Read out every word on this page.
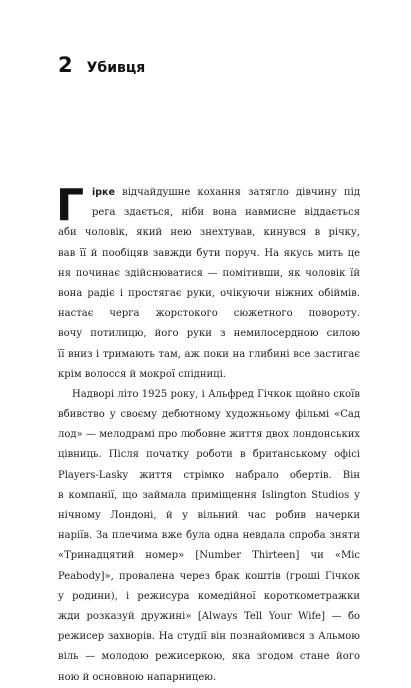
2 Убивця
Г ірке відчайдушне кохання затягло дівчину під
рега здається, ніби вона навмисне віддається
аби чоловік, який нею знехтував, кинувся в річку,
вав її й пообіцяв завжди бути поруч. На якусь мить це
ня починає здійснюватися — помітивши, як чоловік їй
вона радіє і простягає руки, очікуючи ніжних обіймів.
настає черга жорстокого сюжетного повороту.
вочу потилицю, його руки з немилосердною силою
її вниз і тримають там, аж поки на глибині все застигає
крім волосся й мокрої спідниці.
Надворі літо 1925 року, і Альфред Гічкок щойно скоїв
вбивство у своєму дебютному художньому фільмі «Сад
лод» — мелодрамі про любовне життя двох лондонських
цівниць. Після початку роботи в британському офісі
Players-Lasky життя стрімко набрало обертів. Він
в компанії, що займала приміщення Islington Studios у
нічному Лондоні, й у вільний час робив начерки
наріїв. За плечима вже була одна невдала спроба зняти
«Тринадцятий номер» [Number Thirteen] чи «Міс
Peabody]», провалена через брак коштів (гроші Гічкок
у родини), і режисура комедійної короткометражки
жди розказуй дружині» [Always Tell Your Wife] — бо
режисер захворів. На студії він познайомився з Альмою
віль — молодою режисеркою, яка згодом стане його
ною й основною напарницею.
